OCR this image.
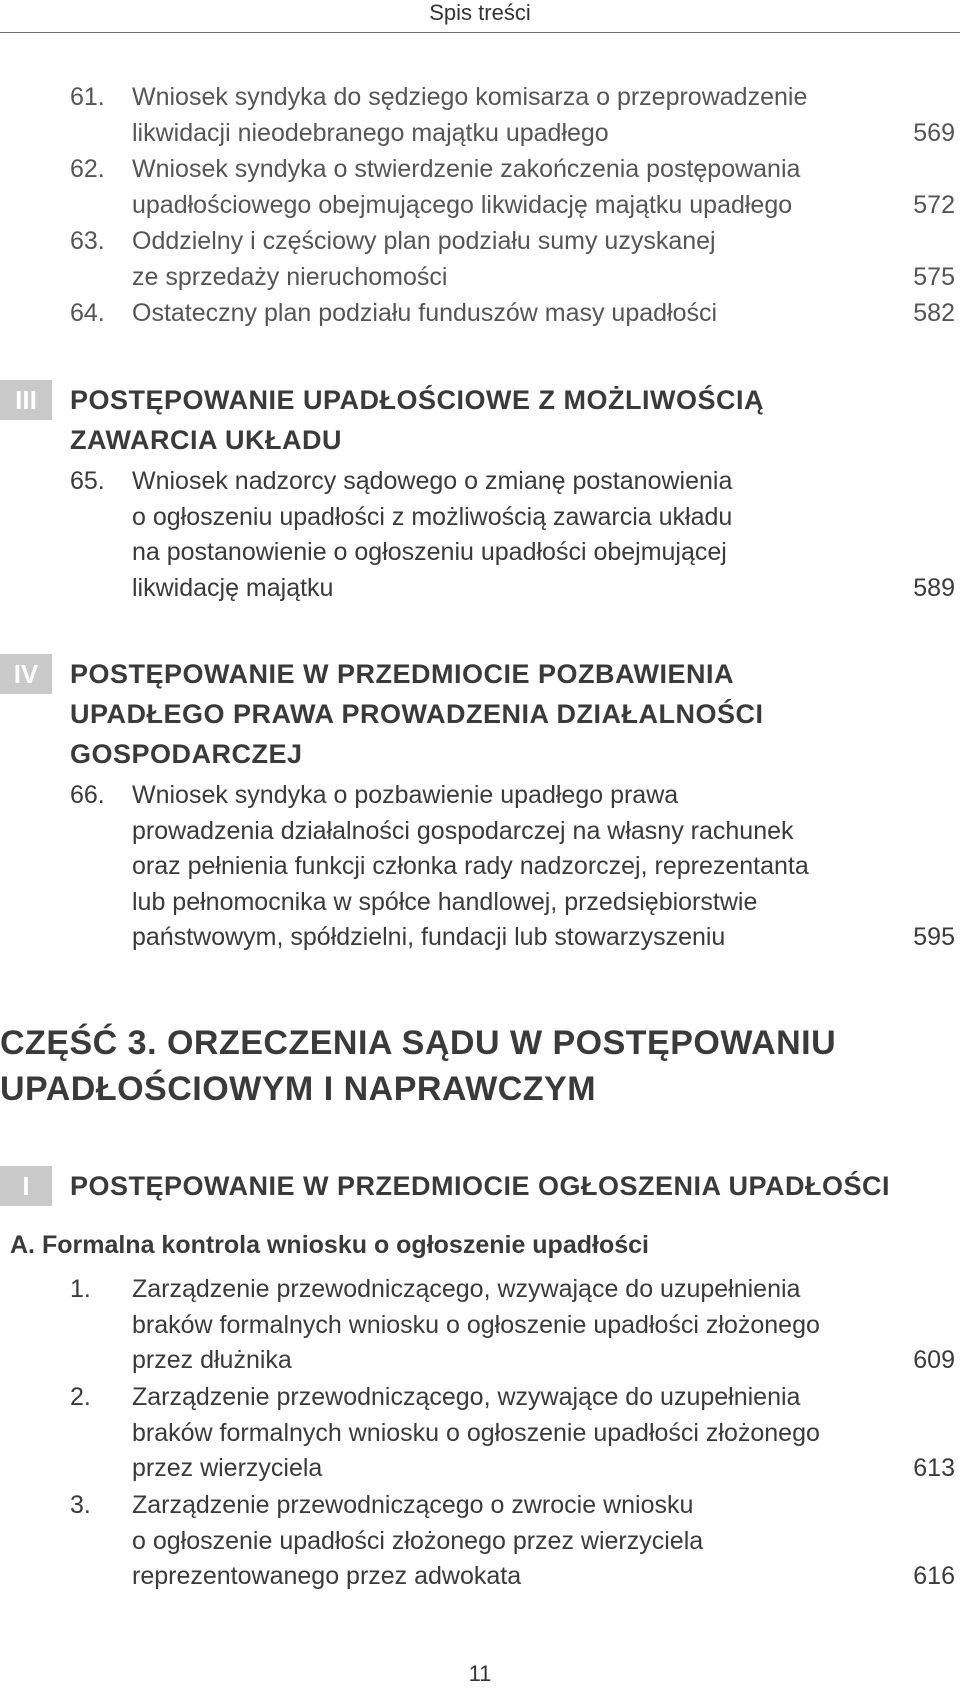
Spis treści
61. Wniosek syndyka do sędziego komisarza o przeprowadzenie
likwidacji nieodebranego majątku upadłego	569
62. Wniosek syndyka o stwierdzenie zakończenia postępowania
upadłościowego obejmującego likwidację majątku upadłego	572
63. Oddzielny i częściowy plan podziału sumy uzyskanej
ze sprzedaży nieruchomości	575
64. Ostateczny plan podziału funduszów masy upadłości	582
III	POSTĘPOWANIE UPADŁOŚCIOWE Z MOŻLIWOŚCIĄ
ZAWARCIA UKŁADU
65. Wniosek nadzorcy sądowego o zmianę postanowienia
o ogłoszeniu upadłości z możliwością zawarcia układu
na postanowienie o ogłoszeniu upadłości obejmującej
likwidację majątku	589
IV	POSTĘPOWANIE W PRZEDMIOCIE POZBAWIENIA
UPADŁEGO PRAWA PROWADZENIA DZIAŁALNOŚCI
GOSPODARCZEJ
66. Wniosek syndyka o pozbawienie upadłego prawa
prowadzenia działalności gospodarczej na własny rachunek
oraz pełnienia funkcji członka rady nadzorczej, reprezentanta
lub pełnomocnika w spółce handlowej, przedsiębiorstwie
państwowym, spółdzielni, fundacji lub stowarzyszeniu	595
CZĘŚĆ 3. ORZECZENIA SĄDU W POSTĘPOWANIU
UPADŁOŚCIOWYM I NAPRAWCZYM
I	POSTĘPOWANIE W PRZEDMIOCIE OGŁOSZENIA UPADŁOŚCI
A. Formalna kontrola wniosku o ogłoszenie upadłości
1. Zarządzenie przewodniczącego, wzywające do uzupełnienia
braków formalnych wniosku o ogłoszenie upadłości złożonego
przez dłużnika	609
2. Zarządzenie przewodniczącego, wzywające do uzupełnienia
braków formalnych wniosku o ogłoszenie upadłości złożonego
przez wierzyciela	613
3. Zarządzenie przewodniczącego o zwrocie wniosku
o ogłoszenie upadłości złożonego przez wierzyciela
reprezentowanego przez adwokata	616
11
